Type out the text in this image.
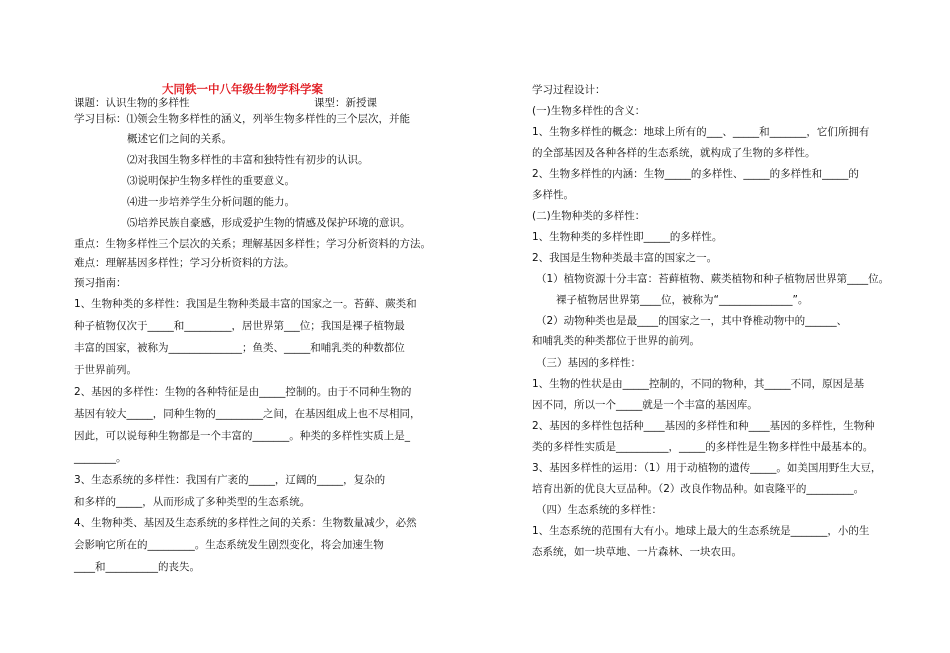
大同铁一中八年级生物学科学案
课题：认识生物的多样性	课型：新授课
学习目标：⑴领会生物多样性的涵义，列举生物多样性的三个层次，并能
概述它们之间的关系。
⑵对我国生物多样性的丰富和独特性有初步的认识。
⑶说明保护生物多样性的重要意义。
⑷进一步培养学生分析问题的能力。
⑸培养民族自豪感，形成爱护生物的情感及保护环境的意识。
重点：生物多样性三个层次的关系；理解基因多样性；学习分析资料的方法。
难点：理解基因多样性；学习分析资料的方法。
预习指南：
1、生物种类的多样性：我国是生物种类最丰富的国家之一。苔藓、蕨类和
种子植物仅次于_____和_________，居世界第___位；我国是裸子植物最
丰富的国家，被称为______________；鱼类、_____和哺乳类的种数都位
于世界前列。
2、基因的多样性：生物的各种特征是由_____控制的。由于不同种生物的
基因有较大_____，同种生物的_________之间，在基因组成上也不尽相同，
因此，可以说每种生物都是一个丰富的_______。种类的多样性实质上是_
________。
3、生态系统的多样性：我国有广袤的_____，辽阔的_____，复杂的
和多样的_____，从而形成了多种类型的生态系统。
4、生物种类、基因及生态系统的多样性之间的关系：生物数量减少，必然
会影响它所在的_________。生态系统发生剧烈变化，将会加速生物
____和__________的丧失。
学习过程设计：
(一)生物多样性的含义：
1、生物多样性的概念：地球上所有的___、_____和_______，它们所拥有
的全部基因及各种各样的生态系统，就构成了生物的多样性。
2、生物多样性的内涵：生物_____的多样性、_____的多样性和_____的
多样性。
(二)生物种类的多样性：
1、生物种类的多样性即_____的多样性。
2、我国是生物种类最丰富的国家之一。
（1）植物资源十分丰富：苔藓植物、蕨类植物和种子植物居世界第____位。
裸子植物居世界第____位，被称为“______________”。
（2）动物种类也是最____的国家之一，其中脊椎动物中的______、
和哺乳类的种类都位于世界的前列。
（三）基因的多样性：
1、生物的性状是由_____控制的，不同的物种，其_____不同，原因是基
因不同，所以一个_____就是一个丰富的基因库。
2、基因的多样性包括种____基因的多样性和种____基因的多样性，生物种
类的多样性实质是__________，_____的多样性是生物多样性中最基本的。
3、基因多样性的运用：（1）用于动植物的遗传_____。如美国用野生大豆，
培育出新的优良大豆品种。（2）改良作物品种。如袁隆平的_________。
（四）生态系统的多样性：
1、生态系统的范围有大有小。地球上最大的生态系统是_______，小的生
态系统，如一块草地、一片森林、一块农田。
